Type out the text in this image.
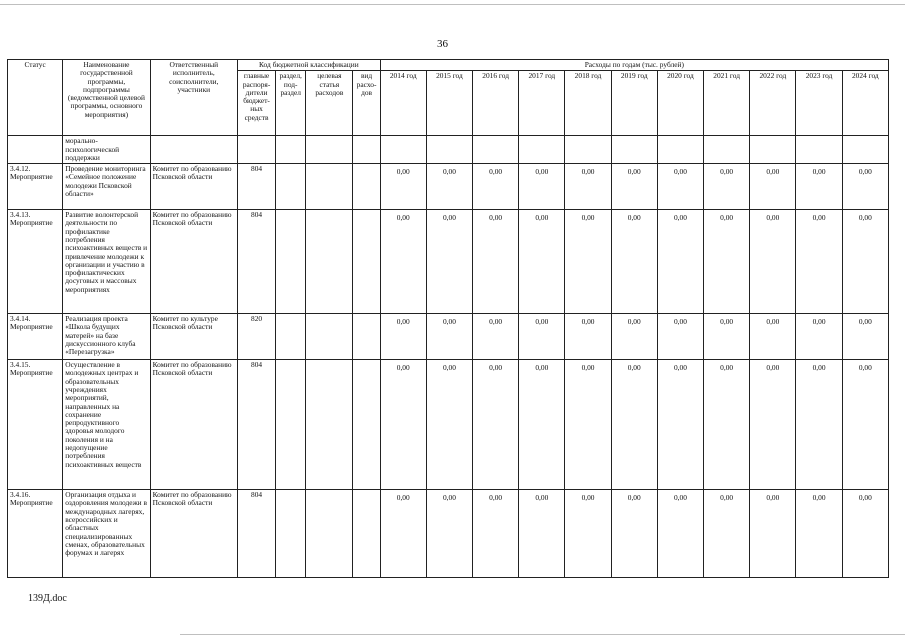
36
Статус	Наименование государственной программы, подпрограммы (ведомственной целевой программы, основного мероприятия)	Ответственный исполнитель, соисполнители, участники	Код бюджетной классификации				Расходы по годам (тыс. рублей)										
			главные распоря-дители бюджет-ных средств	раздел, под-раздел	целевая статья расходов	вид расхо-дов	2014 год	2015 год	2016 год	2017 год	2018 год	2019 год	2020 год	2021 год	2022 год	2023 год	2024 год
	морально-психологической поддержки																
3.4.12. Мероприятие	Проведение мониторинга «Семейное положение молодежи Псковской области»	Комитет по образованию Псковской области	804				0,00	0,00	0,00	0,00	0,00	0,00	0,00	0,00	0,00	0,00	0,00
3.4.13. Мероприятие	Развитие волонтерской деятельности по профилактике потребления психоактивных веществ и привлечение молодежи к организации и участию в профилактических досуговых и массовых мероприятиях	Комитет по образованию Псковской области	804				0,00	0,00	0,00	0,00	0,00	0,00	0,00	0,00	0,00	0,00	0,00
3.4.14. Мероприятие	Реализация проекта «Школа будущих матерей» на базе дискуссионного клуба «Перезагрузка»	Комитет по культуре Псковской области	820				0,00	0,00	0,00	0,00	0,00	0,00	0,00	0,00	0,00	0,00	0,00
3.4.15. Мероприятие	Осуществление в молодежных центрах и образовательных учреждениях мероприятий, направленных на сохранение репродуктивного здоровья молодого поколения и на недопущение потребления психоактивных веществ	Комитет по образованию Псковской области	804				0,00	0,00	0,00	0,00	0,00	0,00	0,00	0,00	0,00	0,00	0,00
3.4.16. Мероприятие	Организация отдыха и оздоровления молодежи в международных лагерях, всероссийских и областных специализированных сменах, образовательных форумах и лагерях	Комитет по образованию Псковской области	804				0,00	0,00	0,00	0,00	0,00	0,00	0,00	0,00	0,00	0,00	0,00
139Д.doc
